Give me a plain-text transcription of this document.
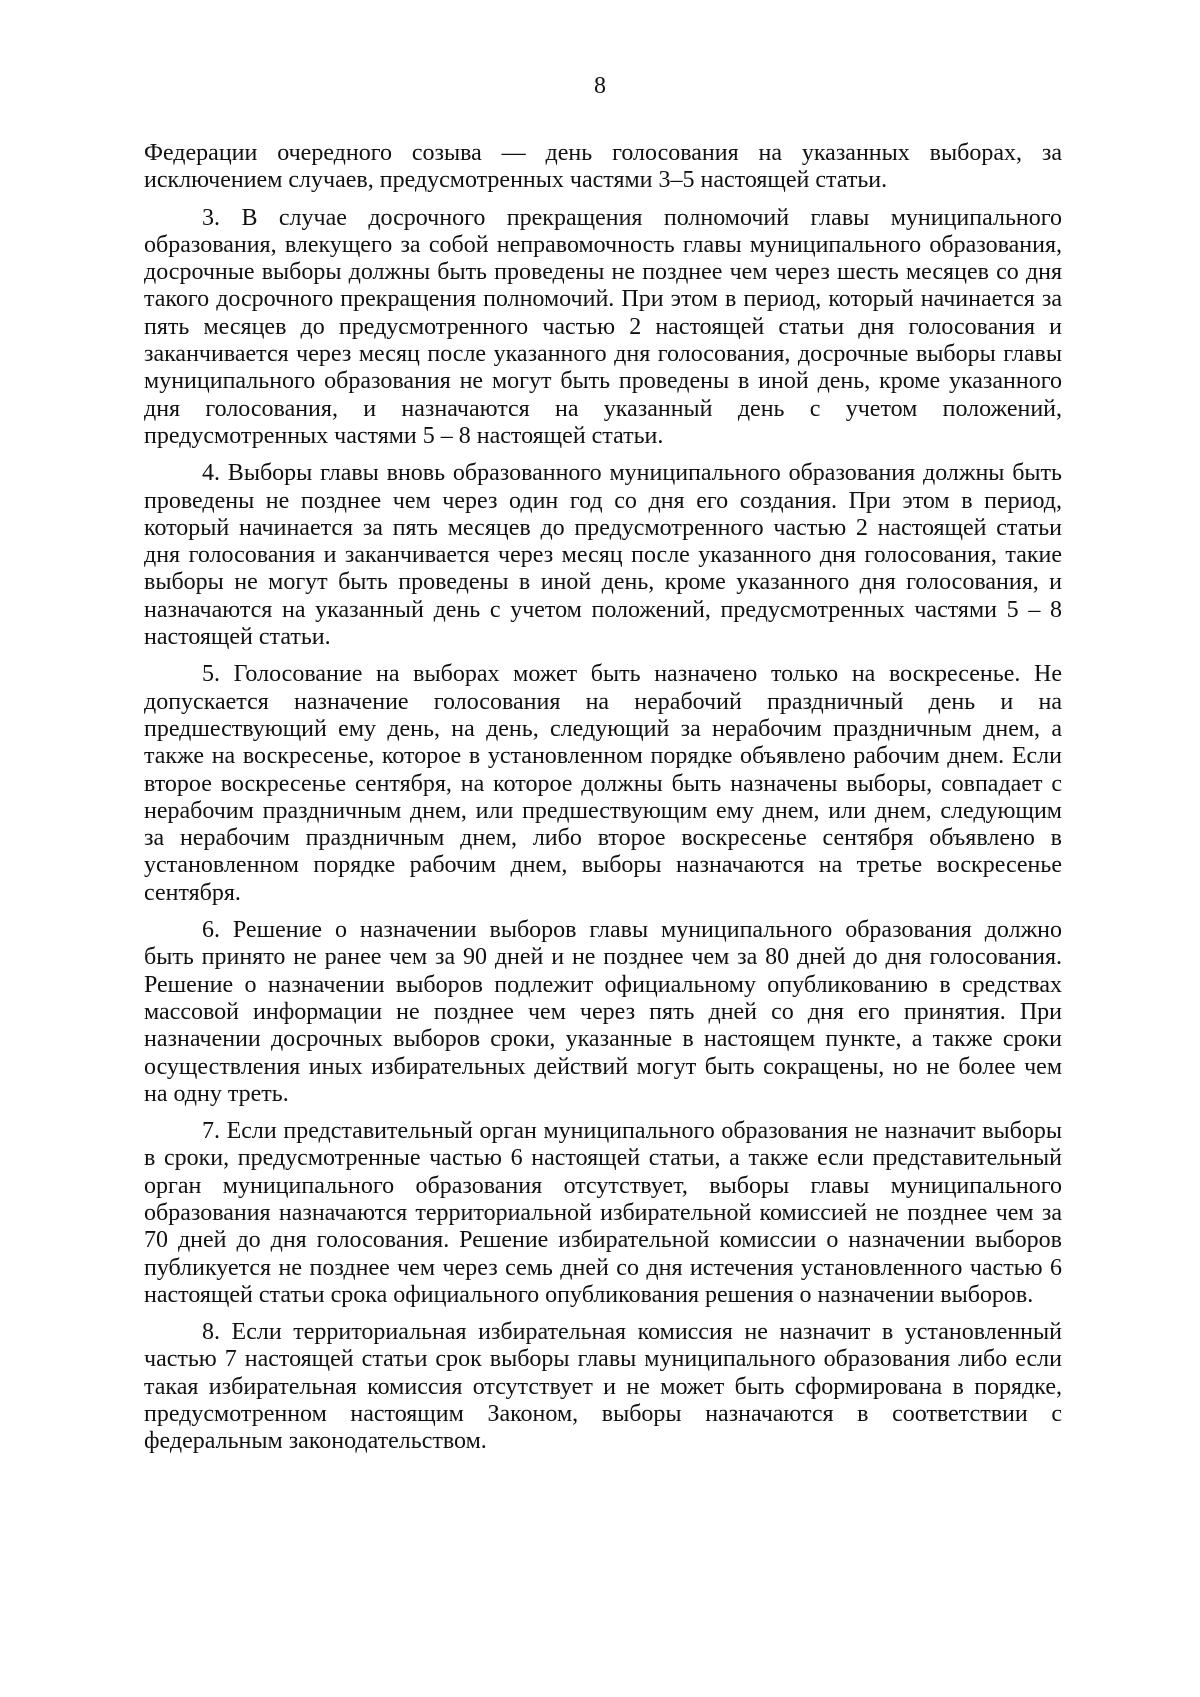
8

Федерации очередного созыва — день голосования на указанных выборах, за исключением случаев, предусмотренных частями 3–5 настоящей статьи.

3. В случае досрочного прекращения полномочий главы муниципального образования, влекущего за собой неправомочность главы муниципального образования, досрочные выборы должны быть проведены не позднее чем через шесть месяцев со дня такого досрочного прекращения полномочий. При этом в период, который начинается за пять месяцев до предусмотренного частью 2 настоящей статьи дня голосования и заканчивается через месяц после указанного дня голосования, досрочные выборы главы муниципального образования не могут быть проведены в иной день, кроме указанного дня голосования, и назначаются на указанный день с учетом положений, предусмотренных частями 5 – 8 настоящей статьи.

4. Выборы главы вновь образованного муниципального образования должны быть проведены не позднее чем через один год со дня его создания. При этом в период, который начинается за пять месяцев до предусмотренного частью 2 настоящей статьи дня голосования и заканчивается через месяц после указанного дня голосования, такие выборы не могут быть проведены в иной день, кроме указанного дня голосования, и назначаются на указанный день с учетом положений, предусмотренных частями 5 – 8 настоящей статьи.

5. Голосование на выборах может быть назначено только на воскресенье. Не допускается назначение голосования на нерабочий праздничный день и на предшествующий ему день, на день, следующий за нерабочим праздничным днем, а также на воскресенье, которое в установленном порядке объявлено рабочим днем. Если второе воскресенье сентября, на которое должны быть назначены выборы, совпадает с нерабочим праздничным днем, или предшествующим ему днем, или днем, следующим за нерабочим праздничным днем, либо второе воскресенье сентября объявлено в установленном порядке рабочим днем, выборы назначаются на третье воскресенье сентября.

6. Решение о назначении выборов главы муниципального образования должно быть принято не ранее чем за 90 дней и не позднее чем за 80 дней до дня голосования. Решение о назначении выборов подлежит официальному опубликованию в средствах массовой информации не позднее чем через пять дней со дня его принятия. При назначении досрочных выборов сроки, указанные в настоящем пункте, а также сроки осуществления иных избирательных действий могут быть сокращены, но не более чем на одну треть.

7. Если представительный орган муниципального образования не назначит выборы в сроки, предусмотренные частью 6 настоящей статьи, а также если представительный орган муниципального образования отсутствует, выборы главы муниципального образования назначаются территориальной избирательной комиссией не позднее чем за 70 дней до дня голосования. Решение избирательной комиссии о назначении выборов публикуется не позднее чем через семь дней со дня истечения установленного частью 6 настоящей статьи срока официального опубликования решения о назначении выборов.

8. Если территориальная избирательная комиссия не назначит в установленный частью 7 настоящей статьи срок выборы главы муниципального образования либо если такая избирательная комиссия отсутствует и не может быть сформирована в порядке, предусмотренном настоящим Законом, выборы назначаются в соответствии с федеральным законодательством.
